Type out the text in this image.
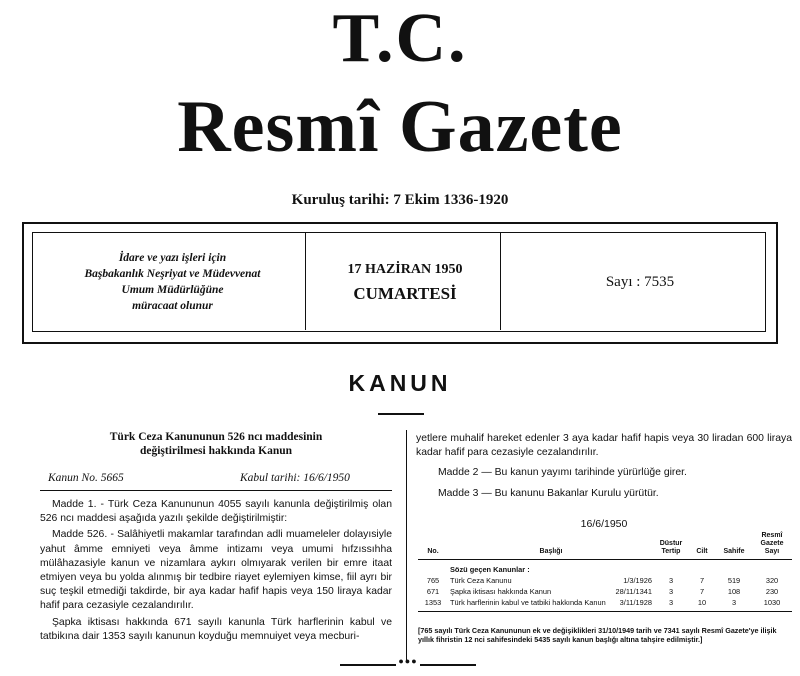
T.C.
Resmî Gazete
Kuruluş tarihi: 7 Ekim 1336-1920
İdare ve yazı işleri için
Başbakanlık Neşriyat ve Müdevvenat
Umum Müdürlüğüne
müracaat olunur
17 HAZİRAN 1950
CUMARTESİ
Sayı : 7535
KANUN
Türk Ceza Kanununun 526 ncı maddesinin
değiştirilmesi hakkında Kanun
Kanun No. 5665	Kabul tarihi: 16/6/1950

Madde 1. - Türk Ceza Kanununun 4055 sayılı kanunla değiştirilmiş olan 526 ncı maddesi aşağıda yazılı şekilde değiştirilmiştir:

Madde 526. - Salâhiyetli makamlar tarafından adli muameleler dolayısiyle yahut âmme emniyeti veya âmme intizamı veya umumi hıfzıssıhha mülâhazasiyle kanun ve nizamlara aykırı olmıyarak verilen bir emre itaat etmiyen veya bu yolda alınmış bir tedbire riayet eylemiyen kimse, fiil ayrı bir suç teşkil etmediği takdirde, bir aya kadar hafif hapis veya 150 liraya kadar hafif para cezasiyle cezalandırılır.

Şapka iktisası hakkında 671 sayılı kanunla Türk harflerinin kabul ve tatbikına dair 1353 sayılı kanunun koyduğu memnuiyet veya mecburi-

yetlere muhalif hareket edenler 3 aya kadar hafif hapis veya 30 liradan 600 liraya kadar hafif para cezasiyle cezalandırılır.

Madde 2 — Bu kanun yayımı tarihinde yürürlüğe girer.

Madde 3 — Bu kanunu Bakanlar Kurulu yürütür.

16/6/1950
No.	Başlığı		Düstur Tertip	Cilt	Sahife	Resmî Gazete Sayı
	Sözü geçen Kanunlar :					
765	Türk Ceza Kanunu	1/3/1926	3	7	519	320
671	Şapka iktisası hakkında Kanun	28/11/1341	3	7	108	230
1353	Türk harflerinin kabul ve tatbiki hakkında Kanun	3/11/1928	3	10	3	1030
[765 sayılı Türk Ceza Kanununun ek ve değişiklikleri 31/10/1949 tarih ve 7341 sayılı Resmî Gazete'ye ilişik yıllık fihristin 12 nci sahifesindeki 5435 sayılı kanun başlığı altına tahşire edilmiştir.]
●●●
